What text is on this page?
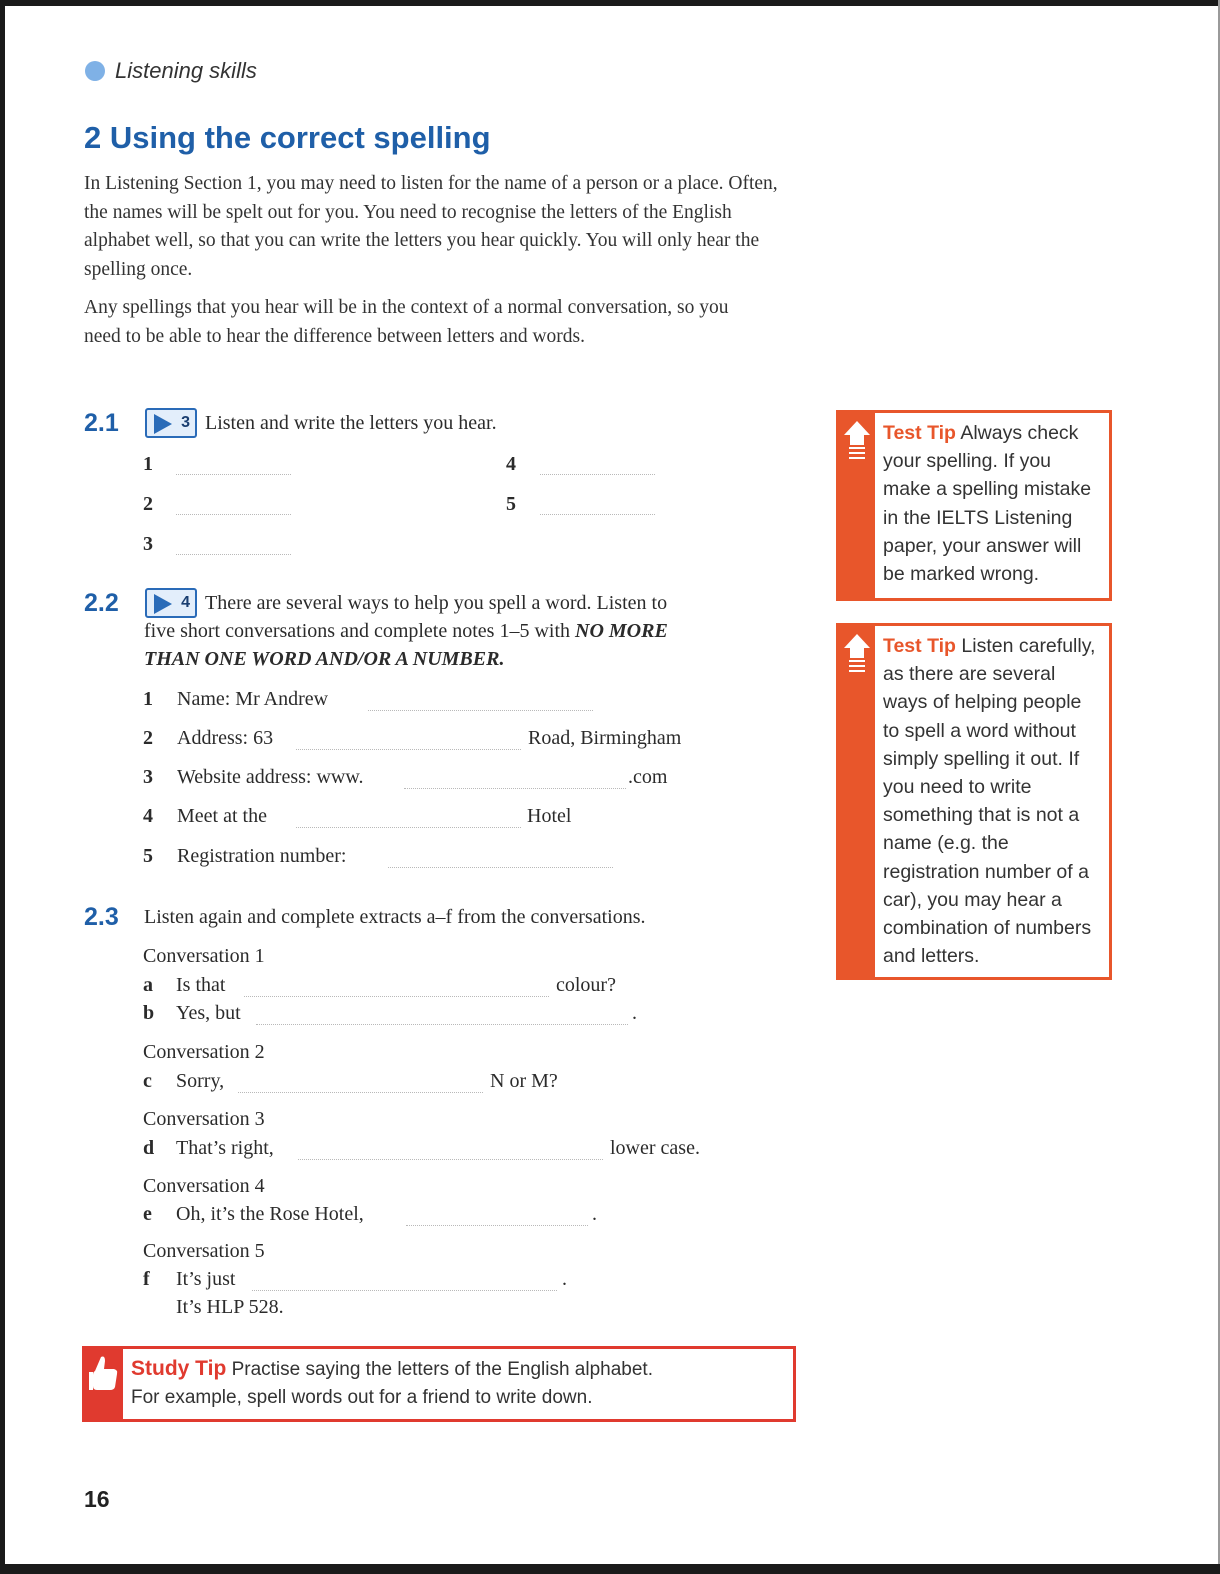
Listening skills
2 Using the correct spelling

In Listening Section 1, you may need to listen for the name of a person or a place. Often, the names will be spelt out for you. You need to recognise the letters of the English alphabet well, so that you can write the letters you hear quickly. You will only hear the spelling once.

Any spellings that you hear will be in the context of a normal conversation, so you need to be able to hear the difference between letters and words.

2.1	3 Listen and write the letters you hear.
1
2
3
4
5
2.2	4 There are several ways to help you spell a word. Listen to
five short conversations and complete notes 1–5 with NO MORE
THAN ONE WORD AND/OR A NUMBER.
1 Name: Mr Andrew
2 Address: 63	Road, Birmingham
3 Website address: www.	.com
4 Meet at the	Hotel
5 Registration number:
2.3 Listen again and complete extracts a–f from the conversations.
Conversation 1
a Is that	colour?
b Yes, but	.
Conversation 2
c Sorry,	N or M?
Conversation 3
d That’s right,	lower case.
Conversation 4
e Oh, it’s the Rose Hotel,	.
Conversation 5
f It’s just	.
It’s HLP 528.
Test Tip Always check your spelling. If you make a spelling mistake in the IELTS Listening paper, your answer will be marked wrong.
Test Tip Listen carefully, as there are several ways of helping people to spell a word without simply spelling it out. If you need to write something that is not a name (e.g. the registration number of a car), you may hear a combination of numbers and letters.
Study Tip Practise saying the letters of the English alphabet.
For example, spell words out for a friend to write down.
16
